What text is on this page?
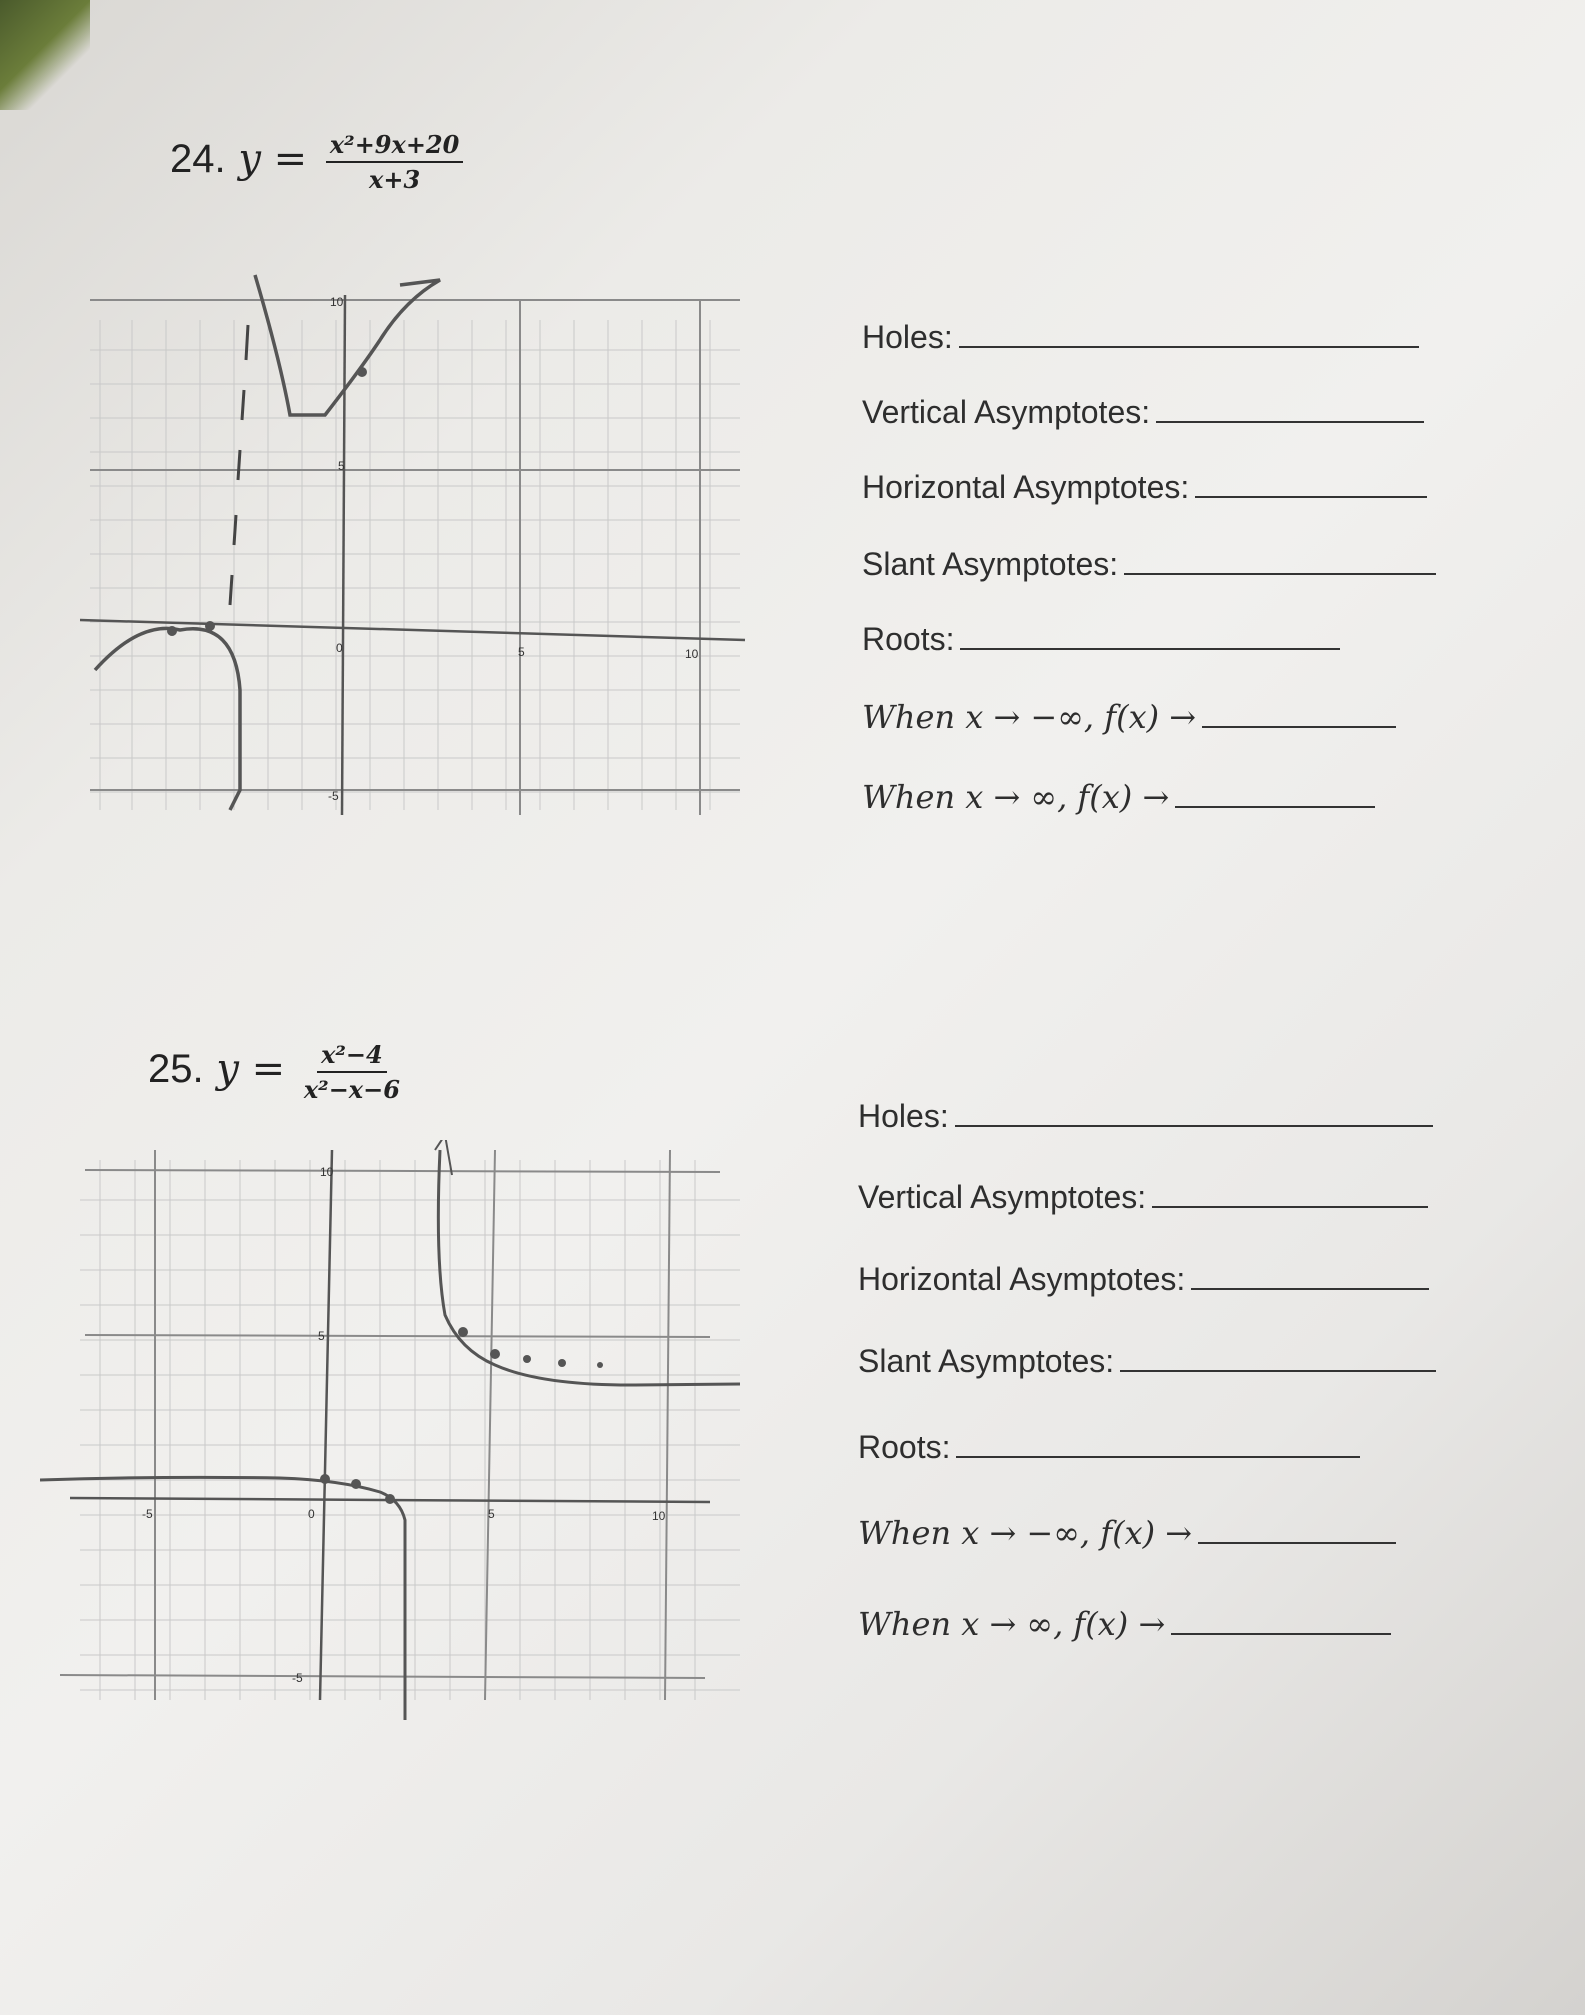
24. $y = \frac{\text{x²+9x+20}}{x+3}$
10
5
-5
0	5	10
Holes:
Vertical Asymptotes:
Horizontal Asymptotes:
Slant Asymptotes:
Roots:
When x → −∞, f(x) →
When x → ∞, f(x) →
25. $y = \frac{\text{x²−4}}{\text{x²−x−6}}$
10
5
-5
0
-5	5	10
Holes:
Vertical Asymptotes:
Horizontal Asymptotes:
Slant Asymptotes:
Roots:
When x → −∞, f(x) →
When x → ∞, f(x) →
